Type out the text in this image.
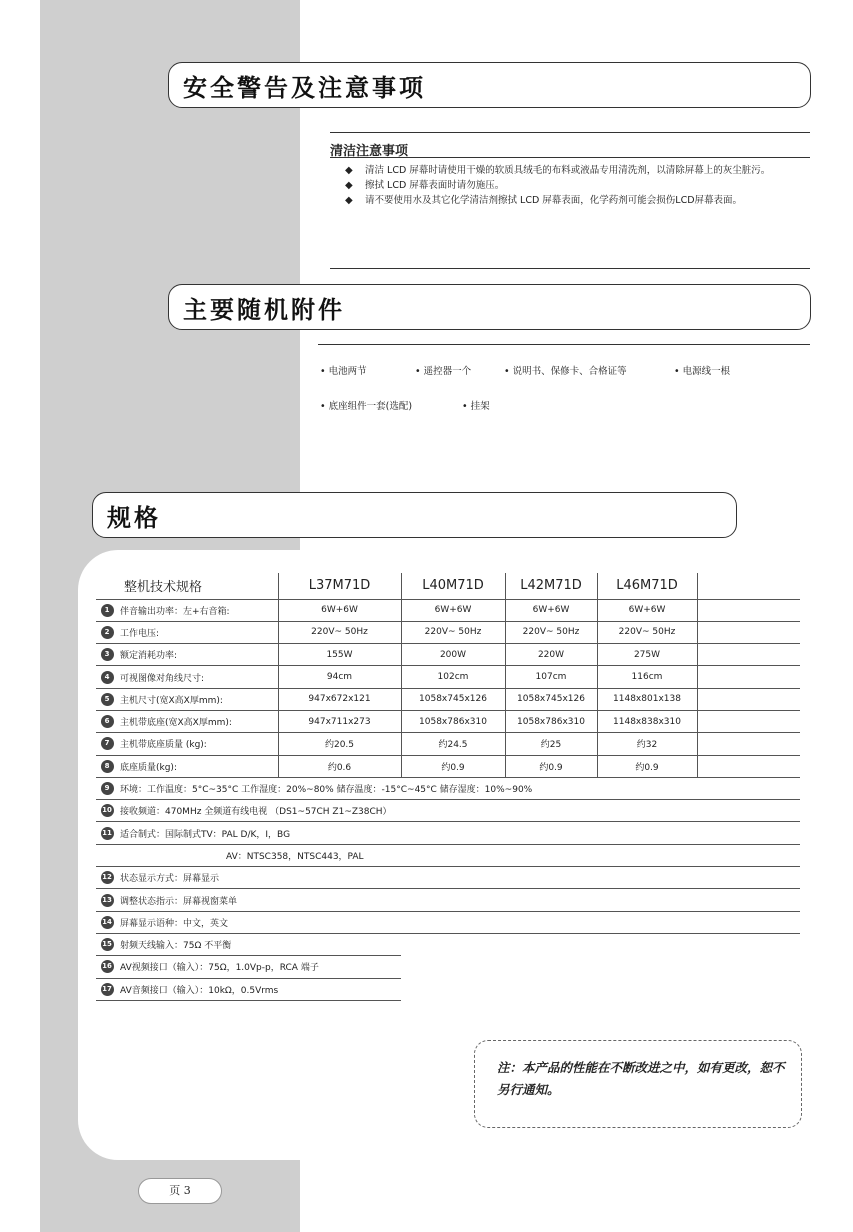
安全警告及注意事项
清洁注意事项
◆ 清洁 LCD 屏幕时请使用干燥的软质具绒毛的布料或液晶专用清洗剂，以清除屏幕上的灰尘脏污。
◆ 擦拭 LCD 屏幕表面时请勿施压。
◆ 请不要使用水及其它化学清洁剂擦拭 LCD 屏幕表面，化学药剂可能会损伤LCD屏幕表面。
主要随机附件
• 电池两节	• 遥控器一个	• 说明书、保修卡、合格证等	• 电源线一根
• 底座组件一套(选配)	• 挂架
规格
	整机技术规格	L37M71D	L40M71D	L42M71D	L46M71D	
1	伴音输出功率：左+右音箱:	6W+6W	6W+6W	6W+6W	6W+6W	
2	工作电压:	220V~ 50Hz	220V~ 50Hz	220V~ 50Hz	220V~ 50Hz	
3	额定消耗功率:	155W	200W	220W	275W	
4	可视图像对角线尺寸:	94cm	102cm	107cm	116cm	
5	主机尺寸(宽X高X厚mm):	947x672x121	1058x745x126	1058x745x126	1148x801x138	
6	主机带底座(宽X高X厚mm):	947x711x273	1058x786x310	1058x786x310	1148x838x310	
7	主机带底座质量 (kg):	约20.5	约24.5	约25	约32	
8	底座质量(kg):	约0.6	约0.9	约0.9	约0.9	
9	环境：工作温度：5°C~35°C 工作湿度：20%~80% 储存温度：-15°C~45°C 储存湿度：10%~90%					
10	接收频道：470MHz 全频道有线电视 （DS1~57CH Z1~Z38CH）					
11	适合制式：国际制式TV：PAL D/K，I，BG					
	AV：NTSC358，NTSC443，PAL					
12	状态显示方式：屏幕显示					
13	调整状态指示：屏幕视窗菜单					
14	屏幕显示语种：中文，英文					
15	射频天线输入：75Ω 不平衡					
16	AV视频接口（输入）：75Ω，1.0Vp-p，RCA 端子					
17	AV音频接口（输入）：10kΩ，0.5Vrms					
注：本产品的性能在不断改进之中，如有更改，恕不另行通知。
页 3
